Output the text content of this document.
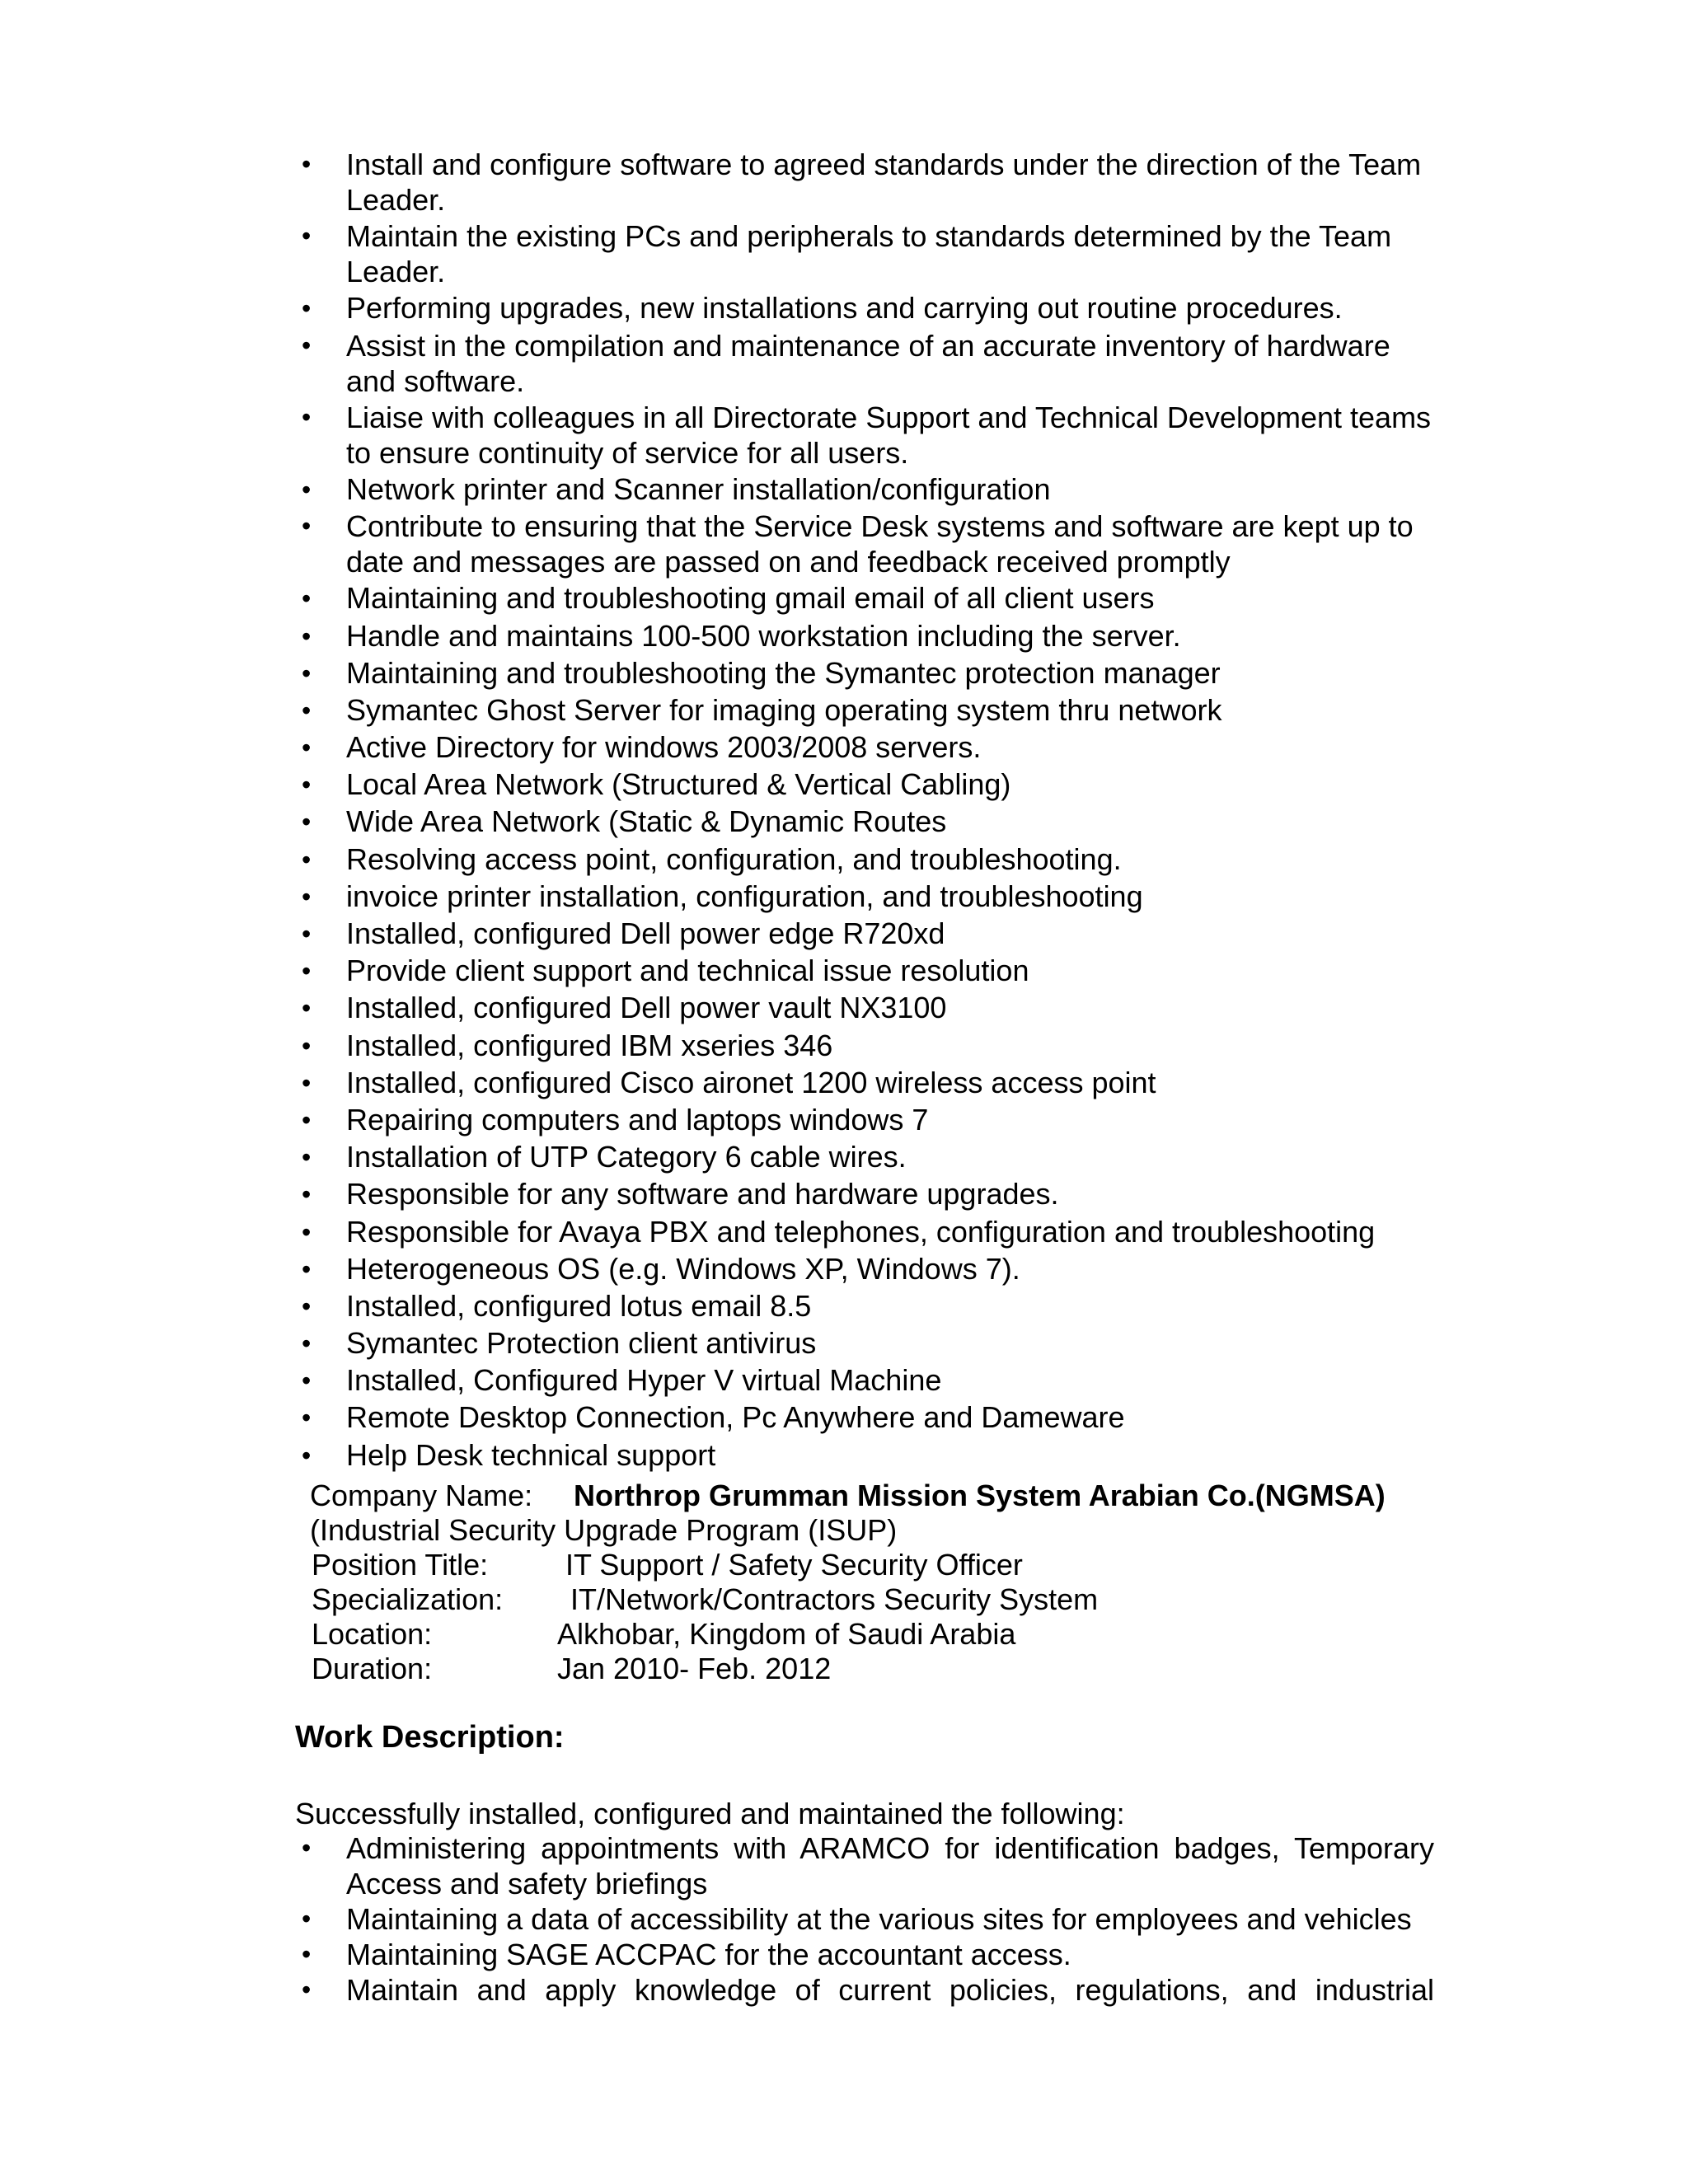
•	Install and configure software to agreed standards under the direction of the Team Leader.
•	Maintain the existing PCs and peripherals to standards determined by the Team Leader.
•	Performing upgrades, new installations and carrying out routine procedures.
•	Assist in the compilation and maintenance of an accurate inventory of hardware and software.
•	Liaise with colleagues in all Directorate Support and Technical Development teams to ensure continuity of service for all users.
•	Network printer and Scanner installation/configuration
•	Contribute to ensuring that the Service Desk systems and software are kept up to date and messages are passed on and feedback received promptly
•	Maintaining and troubleshooting gmail email of all client users
•	Handle and maintains 100-500 workstation including the server.
•	Maintaining and troubleshooting the Symantec protection manager
•	Symantec Ghost Server for imaging operating system thru network
•	Active Directory for windows 2003/2008 servers.
•	Local Area Network (Structured & Vertical Cabling)
•	Wide Area Network (Static & Dynamic Routes
•	Resolving access point, configuration, and troubleshooting.
•	invoice printer installation, configuration, and troubleshooting
•	Installed, configured Dell power edge R720xd
•	Provide client support and technical issue resolution
•	Installed, configured Dell power vault NX3100
•	Installed, configured IBM xseries 346
•	Installed, configured Cisco aironet 1200 wireless access point
•	Repairing computers and laptops windows 7
•	Installation of UTP Category 6 cable wires.
•	Responsible for any software and hardware upgrades.
•	Responsible for Avaya PBX and telephones, configuration and troubleshooting
•	Heterogeneous OS (e.g. Windows XP, Windows 7).
•	Installed, configured lotus email 8.5
•	Symantec Protection client antivirus
•	Installed, Configured Hyper V virtual Machine
•	Remote Desktop Connection, Pc Anywhere and Dameware
•	Help Desk technical support
Company Name: Northrop Grumman Mission System Arabian Co.(NGMSA)
(Industrial Security Upgrade Program (ISUP)
Position Title:	IT Support / Safety Security Officer
Specialization: IT/Network/Contractors Security System
Location:	Alkhobar, Kingdom of Saudi Arabia
Duration:	Jan 2010- Feb. 2012
Work Description:
Successfully installed, configured and maintained the following:
•	Administering appointments with ARAMCO for identification badges, Temporary Access and safety briefings
•	Maintaining a data of accessibility at the various sites for employees and vehicles
•	Maintaining SAGE ACCPAC for the accountant access.
•	Maintain and apply knowledge of current policies, regulations, and industrial
